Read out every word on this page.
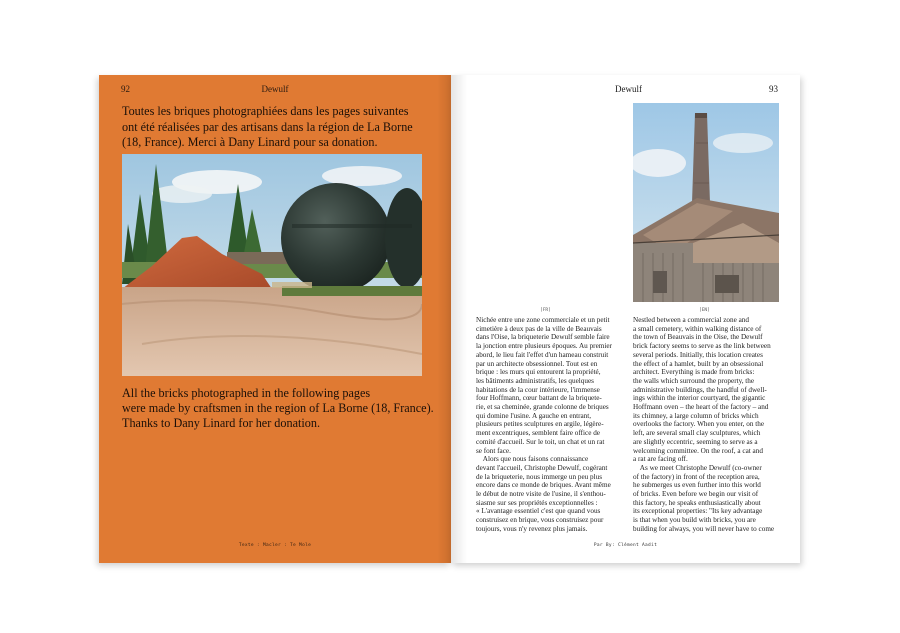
92	Dewulf
Toutes les briques photographiées dans les pages suivantes
ont été réalisées par des artisans dans la région de La Borne
(18, France). Merci à Dany Linard pour sa donation.
All the bricks photographed in the following pages
were made by craftsmen in the region of La Borne (18, France).
Thanks to Dany Linard for her donation.
Texte : Macler : Te Mole
Dewulf	93
[FR]	[EN]
Nichée entre une zone commerciale et un petit
cimetière à deux pas de la ville de Beauvais
dans l'Oise, la briqueterie Dewulf semble faire
la jonction entre plusieurs époques. Au premier
abord, le lieu fait l'effet d'un hameau construit
par un architecte obsessionnel. Tout est en
brique : les murs qui entourent la propriété,
les bâtiments administratifs, les quelques
habitations de la cour intérieure, l'immense
four Hoffmann, cœur battant de la briquete-
rie, et sa cheminée, grande colonne de briques
qui domine l'usine. A gauche en entrant,
plusieurs petites sculptures en argile, légère-
ment excentriques, semblent faire office de
comité d'accueil. Sur le toit, un chat et un rat
se font face.
Alors que nous faisons connaissance
devant l'accueil, Christophe Dewulf, cogérant
de la briqueterie, nous immerge un peu plus
encore dans ce monde de briques. Avant même
le début de notre visite de l'usine, il s'enthou-
siasme sur ses propriétés exceptionnelles :
« L'avantage essentiel c'est que quand vous
construisez en brique, vous construisez pour
toujours, vous n'y revenez plus jamais.
Nestled between a commercial zone and
a small cemetery, within walking distance of
the town of Beauvais in the Oise, the Dewulf
brick factory seems to serve as the link between
several periods. Initially, this location creates
the effect of a hamlet, built by an obsessional
architect. Everything is made from bricks:
the walls which surround the property, the
administrative buildings, the handful of dwell-
ings within the interior courtyard, the gigantic
Hoffmann oven – the heart of the factory – and
its chimney, a large column of bricks which
overlooks the factory. When you enter, on the
left, are several small clay sculptures, which
are slightly eccentric, seeming to serve as a
welcoming committee. On the roof, a cat and
a rat are facing off.
As we meet Christophe Dewulf (co-owner
of the factory) in front of the reception area,
he submerges us even further into this world
of bricks. Even before we begin our visit of
this factory, he speaks enthusiastically about
its exceptional properties: "Its key advantage
is that when you build with bricks, you are
building for always, you will never have to come
Par By: Clément Aadit
